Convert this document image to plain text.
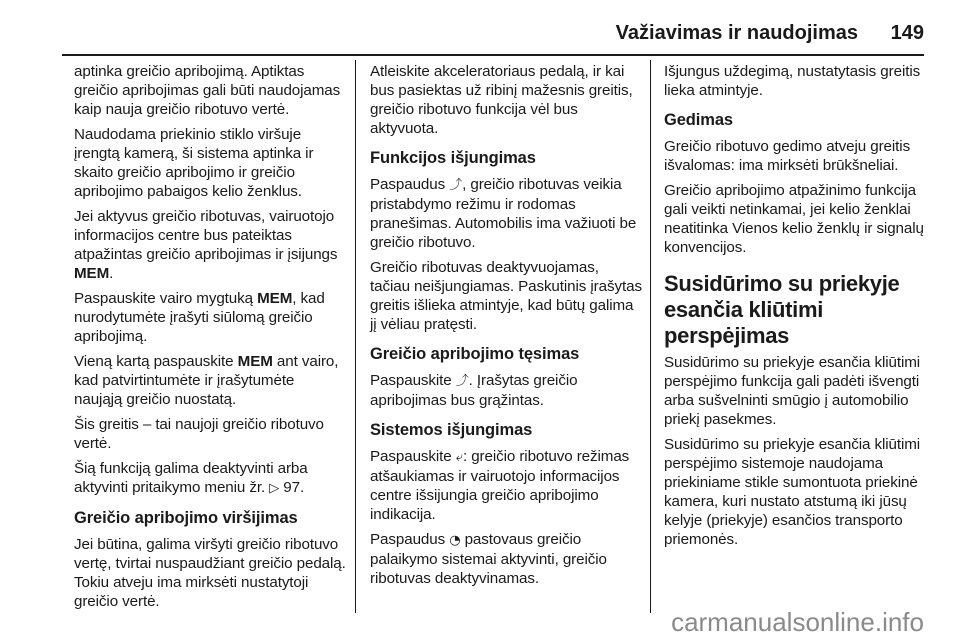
Važiavimas ir naudojimas 149

aptinka greičio apribojimą. Aptiktas greičio apribojimas gali būti naudojamas kaip nauja greičio ribotuvo vertė.

Naudodama priekinio stiklo viršuje įrengtą kamerą, ši sistema aptinka ir skaito greičio apribojimo ir greičio apribojimo pabaigos kelio ženklus.

Jei aktyvus greičio ribotuvas, vairuotojo informacijos centre bus pateiktas atpažintas greičio apribojimas ir įsijungs MEM.

Paspauskite vairo mygtuką MEM, kad nurodytumėte įrašyti siūlomą greičio apribojimą.

Vieną kartą paspauskite MEM ant vairo, kad patvirtintumėte ir įrašytumėte naująją greičio nuostatą.

Šis greitis – tai naujoji greičio ribotuvo vertė.

Šią funkciją galima deaktyvinti arba aktyvinti pritaikymo meniu žr. ▷ 97.

Greičio apribojimo viršijimas

Jei būtina, galima viršyti greičio ribotuvo vertę, tvirtai nuspaudžiant greičio pedalą. Tokiu atveju ima mirksėti nustatytoji greičio vertė.

Atleiskite akceleratoriaus pedalą, ir kai bus pasiektas už ribinį mažesnis greitis, greičio ribotuvo funkcija vėl bus aktyvuota.

Funkcijos išjungimas

Paspaudus ⤴, greičio ribotuvas veikia pristabdymo režimu ir rodomas pranešimas. Automobilis ima važiuoti be greičio ribotuvo.

Greičio ribotuvas deaktyvuojamas, tačiau neišjungiamas. Paskutinis įrašytas greitis išlieka atmintyje, kad būtų galima jį vėliau pratęsti.

Greičio apribojimo tęsimas

Paspauskite ⤴. Įrašytas greičio apribojimas bus grąžintas.

Sistemos išjungimas

Paspauskite ⤶: greičio ribotuvo režimas atšaukiamas ir vairuotojo informacijos centre išsijungia greičio apribojimo indikacija.

Paspaudus ◔ pastovaus greičio palaikymo sistemai aktyvinti, greičio ribotuvas deaktyvinamas.

Išjungus uždegimą, nustatytasis greitis lieka atmintyje.

Gedimas

Greičio ribotuvo gedimo atveju greitis išvalomas: ima mirksėti brūkšneliai.

Greičio apribojimo atpažinimo funkcija gali veikti netinkamai, jei kelio ženklai neatitinka Vienos kelio ženklų ir signalų konvencijos.

Susidūrimo su priekyje esančia kliūtimi perspėjimas

Susidūrimo su priekyje esančia kliūtimi perspėjimo funkcija gali padėti išvengti arba sušvelninti smūgio į automobilio priekį pasekmes.

Susidūrimo su priekyje esančia kliūtimi perspėjimo sistemoje naudojama priekiniame stikle sumontuota priekinė kamera, kuri nustato atstumą iki jūsų kelyje (priekyje) esančios transporto priemonės.

carmanualsonline.info
